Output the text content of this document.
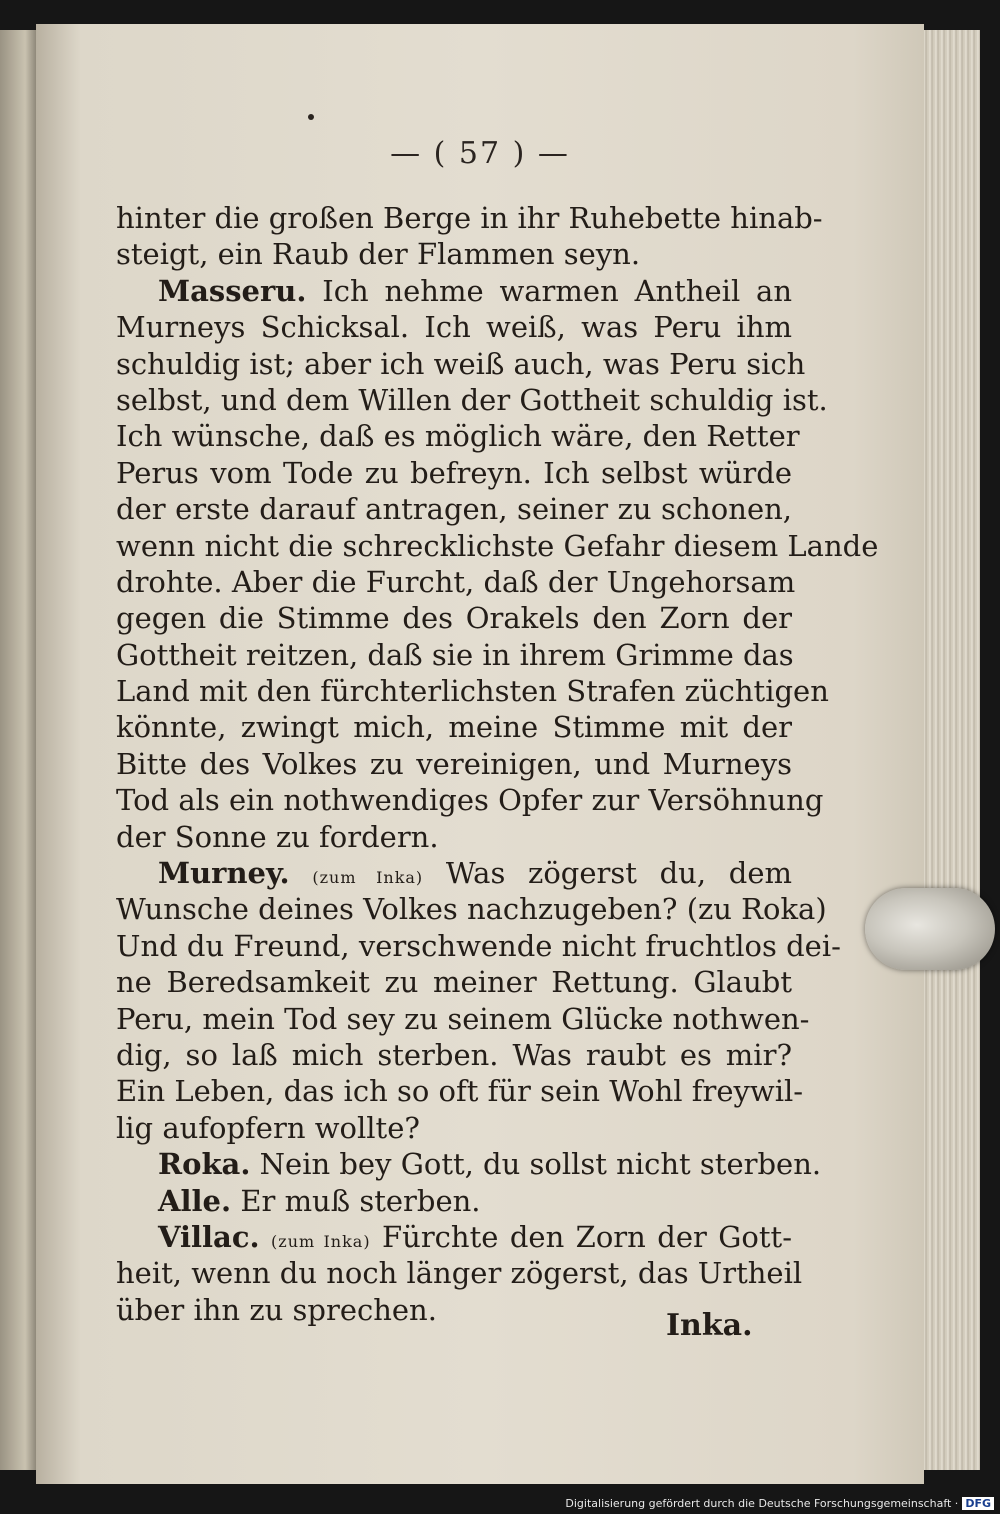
— ( 57 ) —
hinter die großen Berge in ihr Ruhebette hinab-
steigt, ein Raub der Flammen seyn.
Masseru. Ich nehme warmen Antheil an
Murneys Schicksal. Ich weiß, was Peru ihm
schuldig ist; aber ich weiß auch, was Peru sich
selbst, und dem Willen der Gottheit schuldig ist.
Ich wünsche, daß es möglich wäre, den Retter
Perus vom Tode zu befreyn. Ich selbst würde
der erste darauf antragen, seiner zu schonen,
wenn nicht die schrecklichste Gefahr diesem Lande
drohte. Aber die Furcht, daß der Ungehorsam
gegen die Stimme des Orakels den Zorn der
Gottheit reitzen, daß sie in ihrem Grimme das
Land mit den fürchterlichsten Strafen züchtigen
könnte, zwingt mich, meine Stimme mit der
Bitte des Volkes zu vereinigen, und Murneys
Tod als ein nothwendiges Opfer zur Versöhnung
der Sonne zu fordern.
Murney. (zum Inka) Was zögerst du, dem
Wunsche deines Volkes nachzugeben? (zu Roka)
Und du Freund, verschwende nicht fruchtlos dei-
ne Beredsamkeit zu meiner Rettung. Glaubt
Peru, mein Tod sey zu seinem Glücke nothwen-
dig, so laß mich sterben. Was raubt es mir?
Ein Leben, das ich so oft für sein Wohl freywil-
lig aufopfern wollte?
Roka. Nein bey Gott, du sollst nicht sterben.
Alle. Er muß sterben.
Villac. (zum Inka) Fürchte den Zorn der Gott-
heit, wenn du noch länger zögerst, das Urtheil
über ihn zu sprechen.	Inka.
Digitalisierung gefördert durch die Deutsche Forschungsgemeinschaft · DFG
